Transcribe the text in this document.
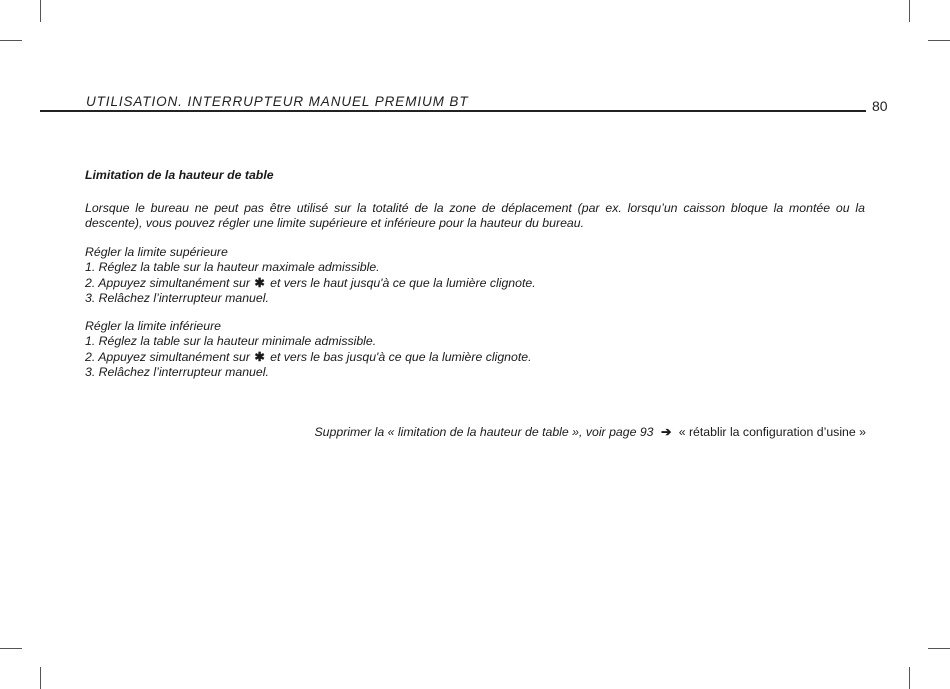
UTILISATION. INTERRUPTEUR MANUEL PREMIUM BT	80

Limitation de la hauteur de table

Lorsque le bureau ne peut pas être utilisé sur la totalité de la zone de déplacement (par ex. lorsqu’un caisson bloque la montée ou la descente), vous pouvez régler une limite supérieure et inférieure pour la hauteur du bureau.

Régler la limite supérieure
1. Réglez la table sur la hauteur maximale admissible.
2. Appuyez simultanément sur ✱ et vers le haut jusqu'à ce que la lumière clignote.
3. Relâchez l’interrupteur manuel.
Régler la limite inférieure
1. Réglez la table sur la hauteur minimale admissible.
2. Appuyez simultanément sur ✱ et vers le bas jusqu'à ce que la lumière clignote.
3. Relâchez l’interrupteur manuel.
Supprimer la « limitation de la hauteur de table », voir page 93 ➔ « rétablir la configuration d’usine »
